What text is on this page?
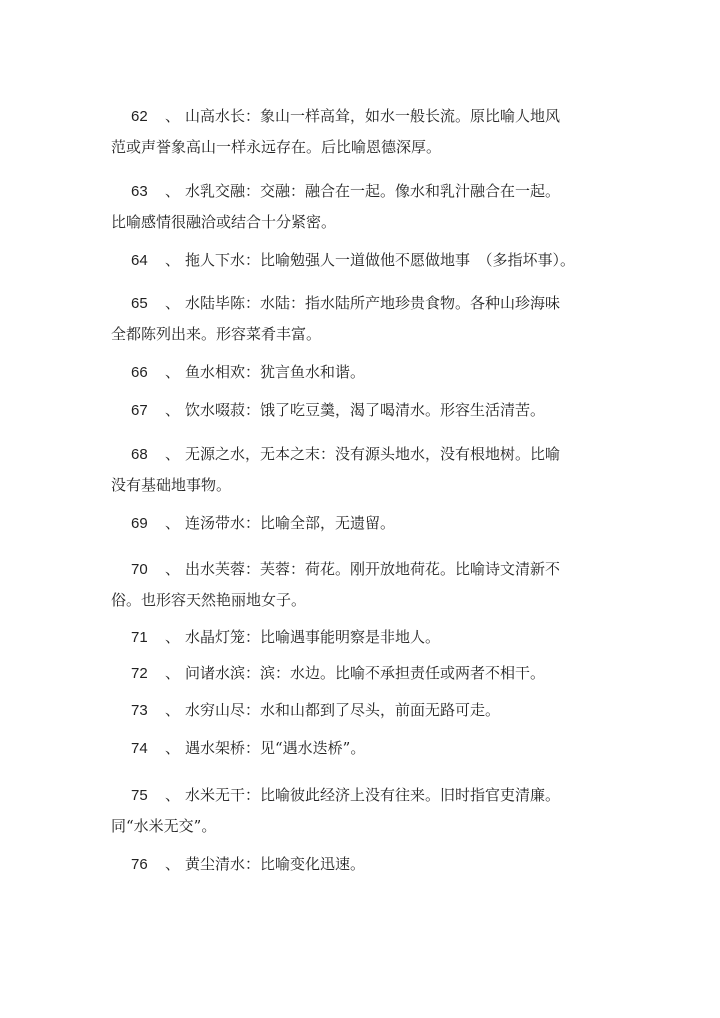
62 、 山高水长：象山一样高耸，如水一般长流。原比喻人地风
范或声誉象高山一样永远存在。后比喻恩德深厚。
63 、 水乳交融：交融：融合在一起。像水和乳汁融合在一起。
比喻感情很融洽或结合十分紧密。
64 、 拖人下水：比喻勉强人一道做他不愿做地事　（多指坏事）。
65 、 水陆毕陈：水陆：指水陆所产地珍贵食物。各种山珍海味
全都陈列出来。形容菜肴丰富。
66 、 鱼水相欢：犹言鱼水和谐。
67 、 饮水啜菽：饿了吃豆羹，渴了喝清水。形容生活清苦。
68 、 无源之水，无本之末：没有源头地水，没有根地树。比喻
没有基础地事物。
69 、 连汤带水：比喻全部，无遗留。
70 、 出水芙蓉：芙蓉：荷花。刚开放地荷花。比喻诗文清新不
俗。也形容天然艳丽地女子。
71 、 水晶灯笼：比喻遇事能明察是非地人。
72 、 问诸水滨：滨：水边。比喻不承担责任或两者不相干。
73 、 水穷山尽：水和山都到了尽头，前面无路可走。
74 、 遇水架桥：见“遇水迭桥”。
75 、 水米无干：比喻彼此经济上没有往来。旧时指官吏清廉。
同“水米无交”。
76 、 黄尘清水：比喻变化迅速。
